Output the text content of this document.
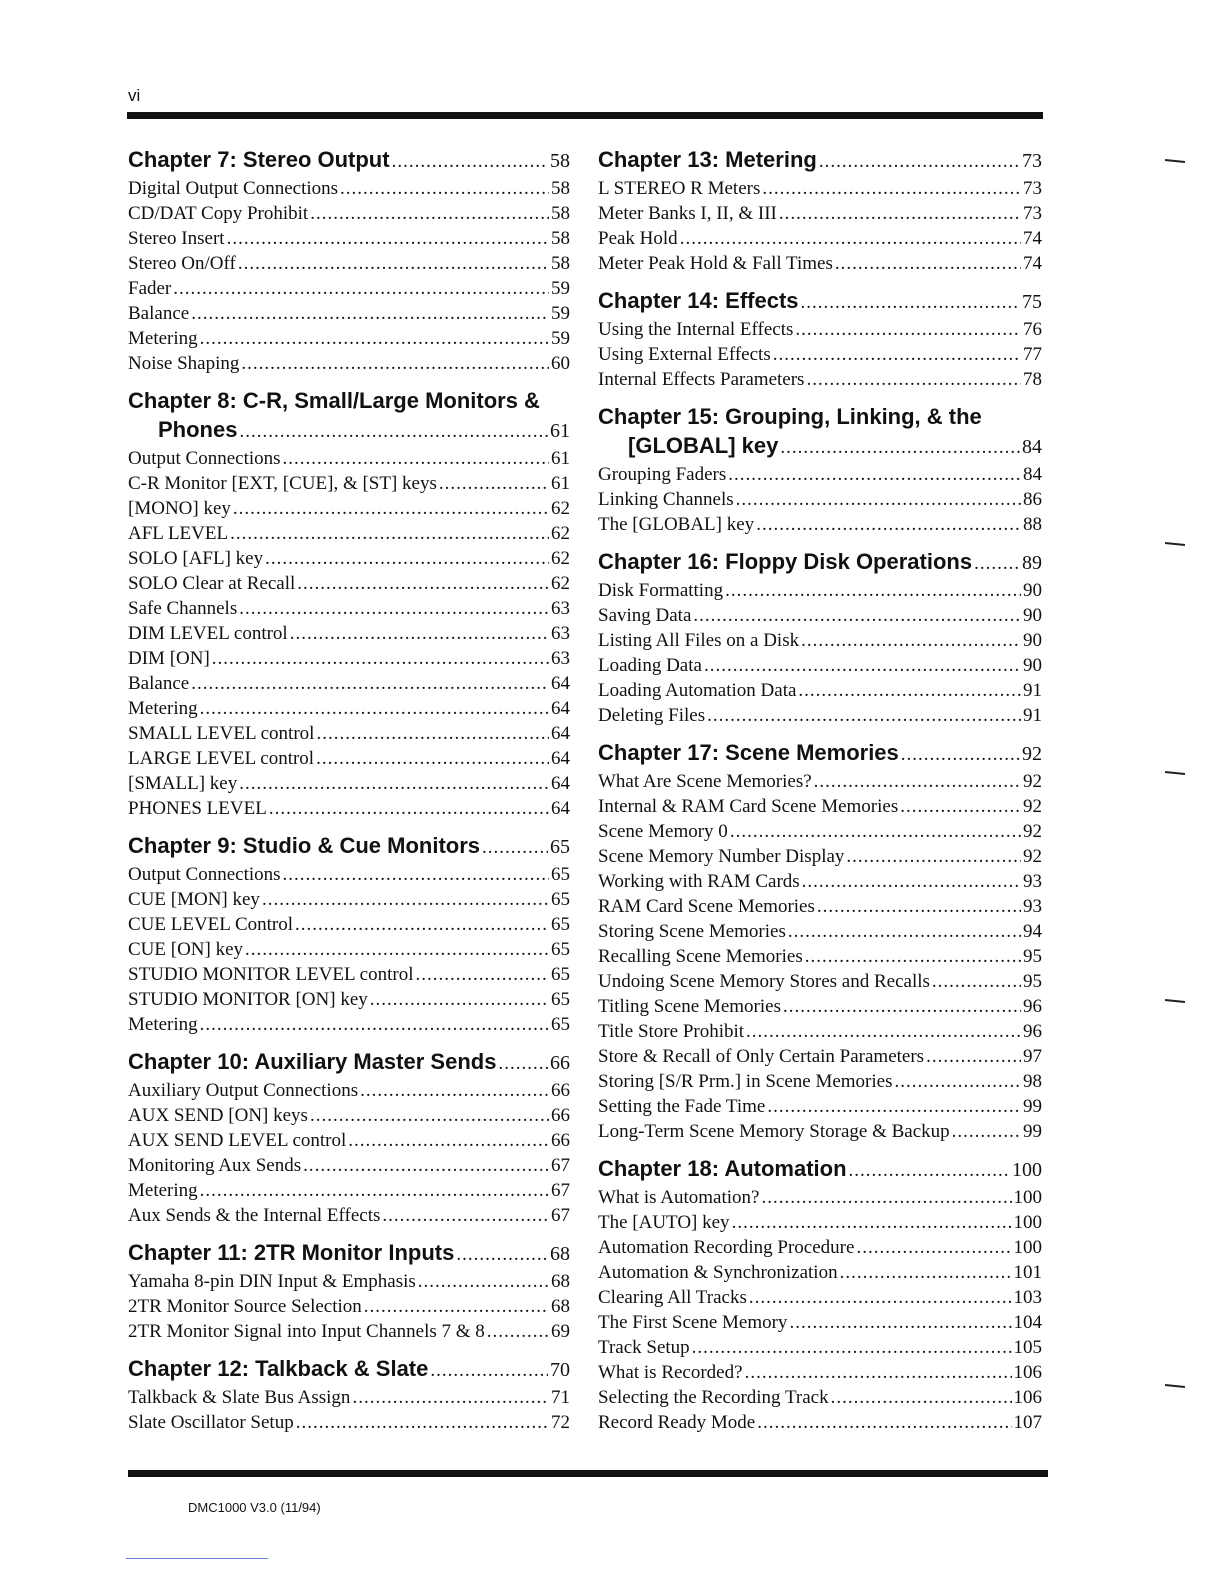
vi
Chapter 7: Stereo Output .....	58
Digital Output Connections .....	58
CD/DAT Copy Prohibit .....	58
Stereo Insert .....	58
Stereo On/Off .....	58
Fader .....	59
Balance .....	59
Metering .....	59
Noise Shaping .....	60
Chapter 8: C-R, Small/Large Monitors &
Phones .....	61
Output Connections .....	61
C-R Monitor [EXT, [CUE], & [ST] keys .....	61
[MONO] key .....	62
AFL LEVEL .....	62
SOLO [AFL] key .....	62
SOLO Clear at Recall .....	62
Safe Channels .....	63
DIM LEVEL control .....	63
DIM [ON] .....	63
Balance .....	64
Metering .....	64
SMALL LEVEL control .....	64
LARGE LEVEL control .....	64
[SMALL] key .....	64
PHONES LEVEL .....	64
Chapter 9: Studio & Cue Monitors .....	65
Output Connections .....	65
CUE [MON] key .....	65
CUE LEVEL Control .....	65
CUE [ON] key .....	65
STUDIO MONITOR LEVEL control .....	65
STUDIO MONITOR [ON] key .....	65
Metering .....	65
Chapter 10: Auxiliary Master Sends .....	66
Auxiliary Output Connections .....	66
AUX SEND [ON] keys .....	66
AUX SEND LEVEL control .....	66
Monitoring Aux Sends .....	67
Metering .....	67
Aux Sends & the Internal Effects .....	67
Chapter 11: 2TR Monitor Inputs .....	68
Yamaha 8-pin DIN Input & Emphasis .....	68
2TR Monitor Source Selection .....	68
2TR Monitor Signal into Input Channels 7 & 8 .....	69
Chapter 12: Talkback & Slate .....	70
Talkback & Slate Bus Assign .....	71
Slate Oscillator Setup .....	72
Chapter 13: Metering .....	73
L STEREO R Meters .....	73
Meter Banks I, II, & III .....	73
Peak Hold .....	74
Meter Peak Hold & Fall Times .....	74
Chapter 14: Effects .....	75
Using the Internal Effects .....	76
Using External Effects .....	77
Internal Effects Parameters .....	78
Chapter 15: Grouping, Linking, & the
[GLOBAL] key .....	84
Grouping Faders .....	84
Linking Channels .....	86
The [GLOBAL] key .....	88
Chapter 16: Floppy Disk Operations ..... 89
Disk Formatting .....	90
Saving Data .....	90
Listing All Files on a Disk .....	90
Loading Data .....	90
Loading Automation Data .....	91
Deleting Files .....	91
Chapter 17: Scene Memories .....	92
What Are Scene Memories? .....	92
Internal & RAM Card Scene Memories .....	92
Scene Memory 0 .....	92
Scene Memory Number Display .....	92
Working with RAM Cards .....	93
RAM Card Scene Memories .....	93
Storing Scene Memories .....	94
Recalling Scene Memories .....	95
Undoing Scene Memory Stores and Recalls .....	95
Titling Scene Memories .....	96
Title Store Prohibit .....	96
Store & Recall of Only Certain Parameters .....	97
Storing [S/R Prm.] in Scene Memories .....	98
Setting the Fade Time .....	99
Long-Term Scene Memory Storage & Backup .....	99
Chapter 18: Automation .....	100
What is Automation? .....	100
The [AUTO] key .....	100
Automation Recording Procedure .....	100
Automation & Synchronization .....	101
Clearing All Tracks .....	103
The First Scene Memory .....	104
Track Setup .....	105
What is Recorded? .....	106
Selecting the Recording Track .....	106
Record Ready Mode .....	107
DMC1000 V3.0 (11/94)
